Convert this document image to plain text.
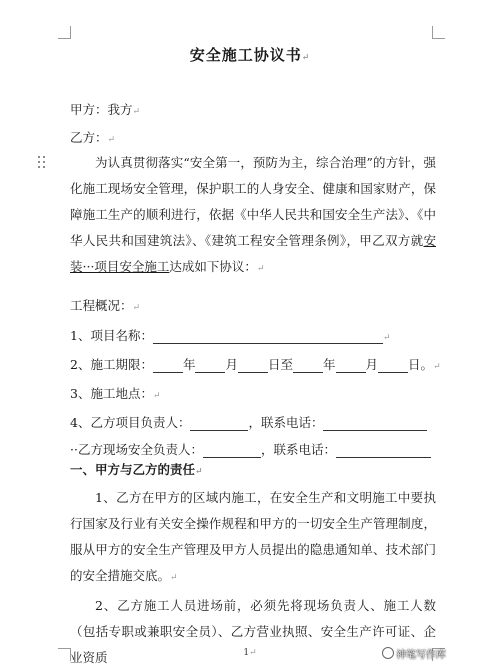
安全施工协议书↵
甲方：我方↵
乙方：↵
为认真贯彻落实“安全第一，预防为主，综合治理”的方针，强化施工现场安全管理，保护职工的人身安全、健康和国家财产，保障施工生产的顺利进行，依据《中华人民共和国安全生产法》、《中华人民共和国建筑法》、《建筑工程安全管理条例》，甲乙双方就安装···项目安全施工达成如下协议：↵
工程概况：↵
1、项目名称：	↵
2、施工期限： 年 月 日至 年 月 日。↵
3、施工地点：↵
4、乙方项目负责人：	，联系电话：
··乙方现场安全负责人：	，联系电话：
一、甲方与乙方的责任↵
1、乙方在甲方的区域内施工，在安全生产和文明施工中要执行国家及行业有关安全操作规程和甲方的一切安全生产管理制度，服从甲方的安全生产管理及甲方人员提出的隐患通知单、技术部门的安全措施交底。↵
2、乙方施工人员进场前，必须先将现场负责人、施工人数（包括专职或兼职安全员）、乙方营业执照、安全生产许可证、企业资质	1↵	神笔写作库
